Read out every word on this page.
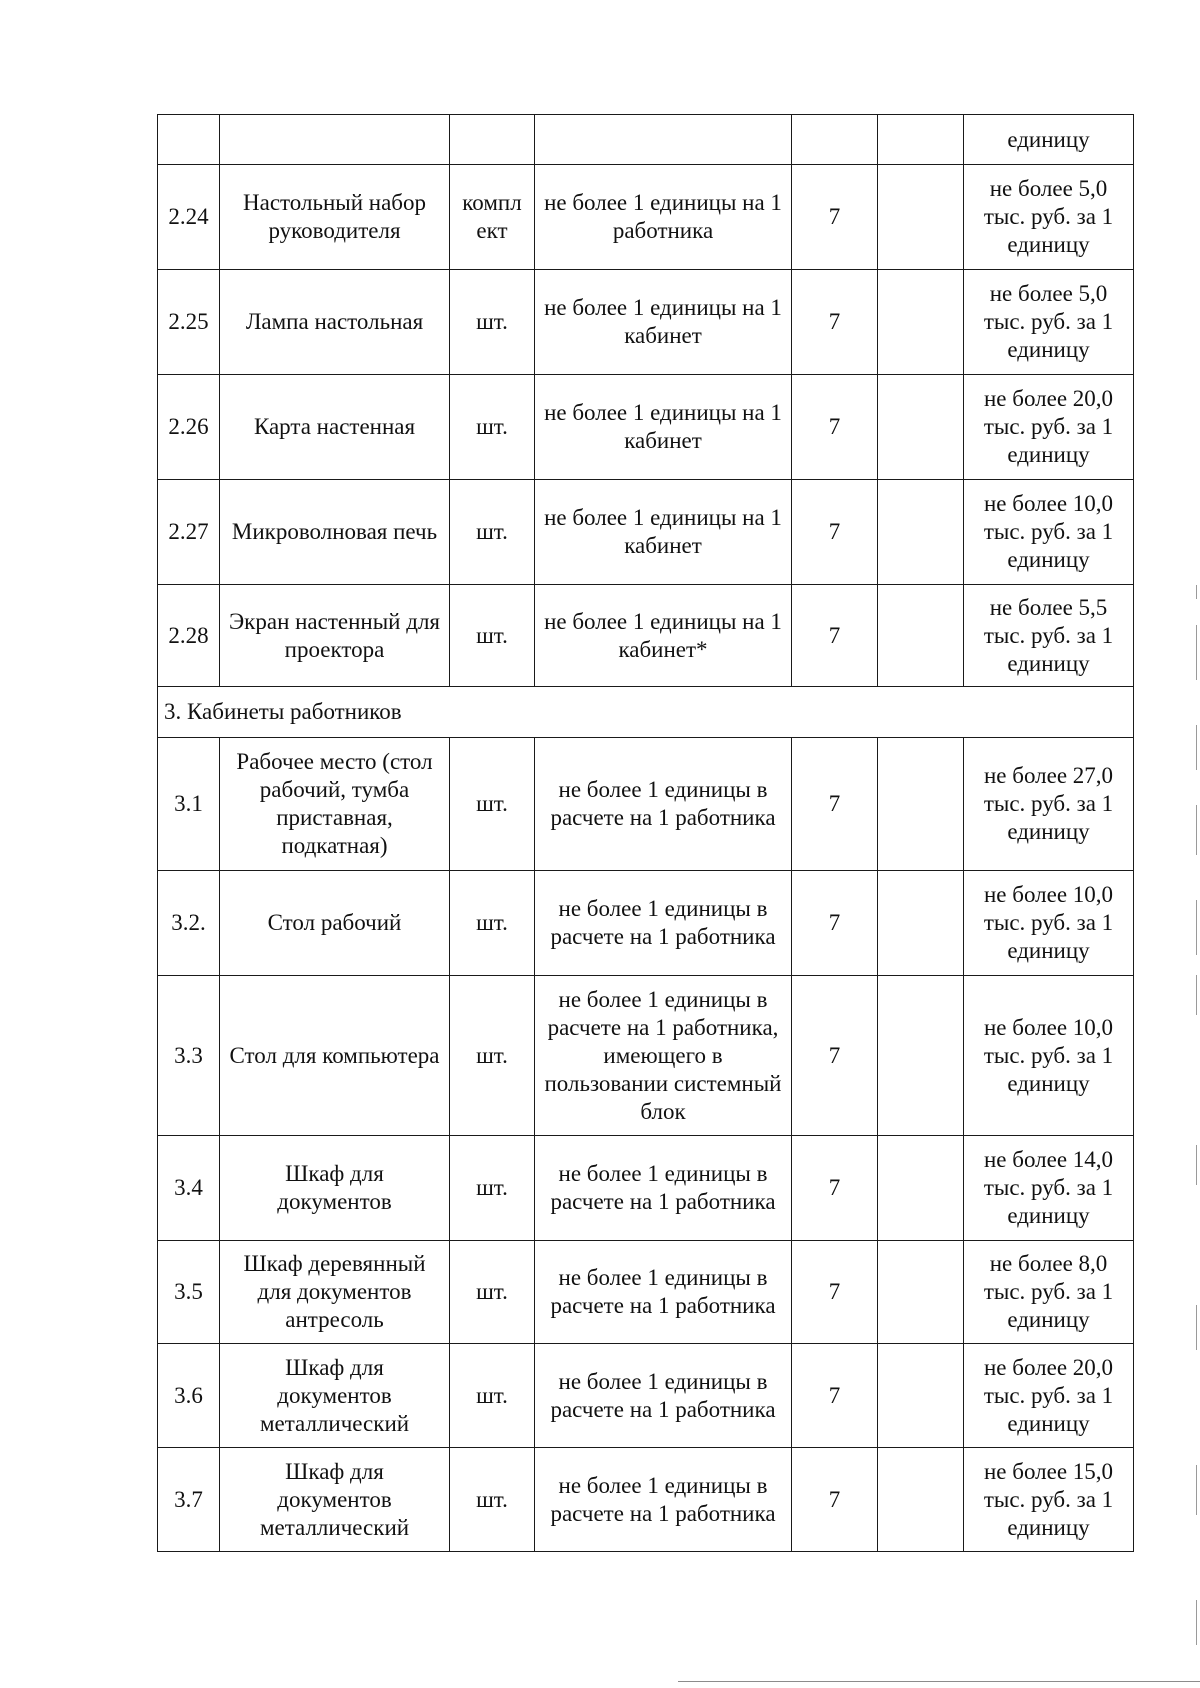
						единицу
2.24	Настольный набор руководителя	компл ект	не более 1 единицы на 1 работника	7		не более 5,0 тыс. руб. за 1 единицу
2.25	Лампа настольная	шт.	не более 1 единицы на 1 кабинет	7		не более 5,0 тыс. руб. за 1 единицу
2.26	Карта настенная	шт.	не более 1 единицы на 1 кабинет	7		не более 20,0 тыс. руб. за 1 единицу
2.27	Микроволновая печь	шт.	не более 1 единицы на 1 кабинет	7		не более 10,0 тыс. руб. за 1 единицу
2.28	Экран настенный для проектора	шт.	не более 1 единицы на 1 кабинет*	7		не более 5,5 тыс. руб. за 1 единицу
3. Кабинеты работников						
3.1	Рабочее место (стол рабочий, тумба приставная, подкатная)	шт.	не более 1 единицы в расчете на 1 работника	7		не более 27,0 тыс. руб. за 1 единицу
3.2.	Стол рабочий	шт.	не более 1 единицы в расчете на 1 работника	7		не более 10,0 тыс. руб. за 1 единицу
3.3	Стол для компьютера	шт.	не более 1 единицы в расчете на 1 работника, имеющего в пользовании системный блок	7		не более 10,0 тыс. руб. за 1 единицу
3.4	Шкаф для документов	шт.	не более 1 единицы в расчете на 1 работника	7		не более 14,0 тыс. руб. за 1 единицу
3.5	Шкаф деревянный для документов антресоль	шт.	не более 1 единицы в расчете на 1 работника	7		не более 8,0 тыс. руб. за 1 единицу
3.6	Шкаф для документов металлический	шт.	не более 1 единицы в расчете на 1 работника	7		не более 20,0 тыс. руб. за 1 единицу
3.7	Шкаф для документов металлический	шт.	не более 1 единицы в расчете на 1 работника	7		не более 15,0 тыс. руб. за 1 единицу
